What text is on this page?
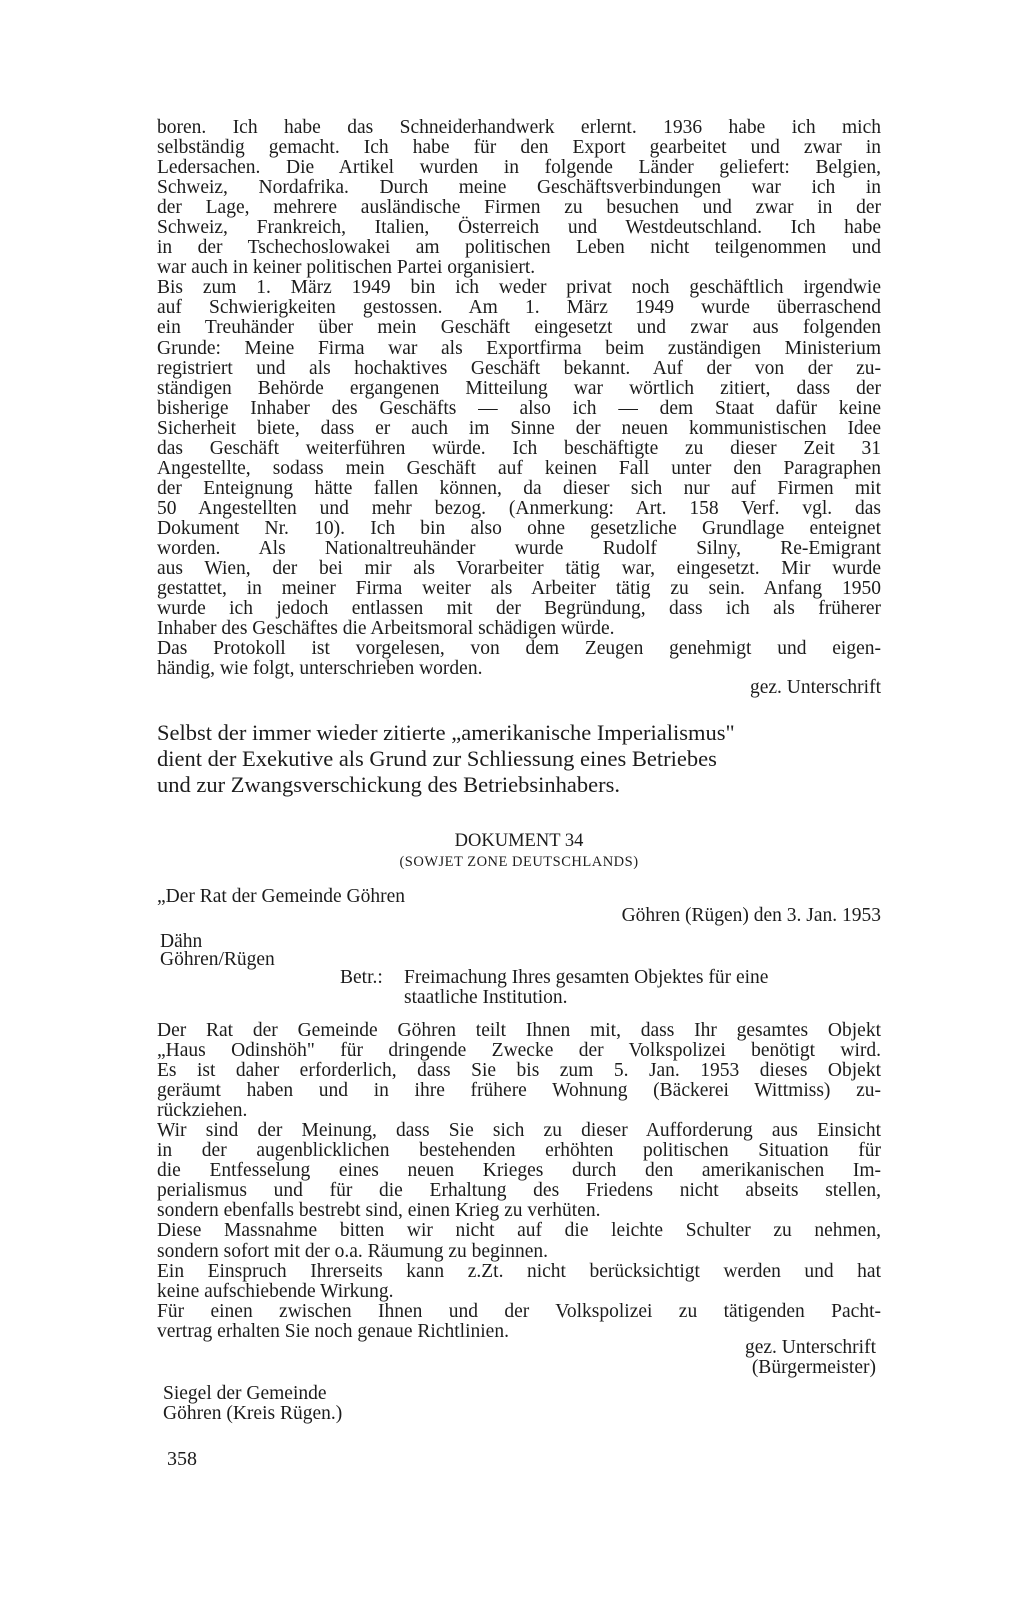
boren. Ich habe das Schneiderhandwerk erlernt. 1936 habe ich mich
selbständig gemacht. Ich habe für den Export gearbeitet und zwar in
Ledersachen. Die Artikel wurden in folgende Länder geliefert: Belgien,
Schweiz, Nordafrika. Durch meine Geschäftsverbindungen war ich in
der Lage, mehrere ausländische Firmen zu besuchen und zwar in der
Schweiz, Frankreich, Italien, Österreich und Westdeutschland. Ich habe
in der Tschechoslowakei am politischen Leben nicht teilgenommen und
war auch in keiner politischen Partei organisiert.
Bis zum 1. März 1949 bin ich weder privat noch geschäftlich irgendwie
auf Schwierigkeiten gestossen. Am 1. März 1949 wurde überraschend
ein Treuhänder über mein Geschäft eingesetzt und zwar aus folgenden
Grunde: Meine Firma war als Exportfirma beim zuständigen Ministerium
registriert und als hochaktives Geschäft bekannt. Auf der von der zu-
ständigen Behörde ergangenen Mitteilung war wörtlich zitiert, dass der
bisherige Inhaber des Geschäfts — also ich — dem Staat dafür keine
Sicherheit biete, dass er auch im Sinne der neuen kommunistischen Idee
das Geschäft weiterführen würde. Ich beschäftigte zu dieser Zeit 31
Angestellte, sodass mein Geschäft auf keinen Fall unter den Paragraphen
der Enteignung hätte fallen können, da dieser sich nur auf Firmen mit
50 Angestellten und mehr bezog. (Anmerkung: Art. 158 Verf. vgl. das
Dokument Nr. 10). Ich bin also ohne gesetzliche Grundlage enteignet
worden. Als Nationaltreuhänder wurde Rudolf Silny, Re-Emigrant
aus Wien, der bei mir als Vorarbeiter tätig war, eingesetzt. Mir wurde
gestattet, in meiner Firma weiter als Arbeiter tätig zu sein. Anfang 1950
wurde ich jedoch entlassen mit der Begründung, dass ich als früherer
Inhaber des Geschäftes die Arbeitsmoral schädigen würde.
Das Protokoll ist vorgelesen, von dem Zeugen genehmigt und eigen-
händig, wie folgt, unterschrieben worden.
gez. Unterschrift
Selbst der immer wieder zitierte „amerikanische Imperialismus"
dient der Exekutive als Grund zur Schliessung eines Betriebes
und zur Zwangsverschickung des Betriebsinhabers.
DOKUMENT 34
(SOWJET ZONE DEUTSCHLANDS)
„Der Rat der Gemeinde Göhren
Göhren (Rügen) den 3. Jan. 1953
Dähn
Göhren/Rügen
Betr.: Freimachung Ihres gesamten Objektes für eine
staatliche Institution.
Der Rat der Gemeinde Göhren teilt Ihnen mit, dass Ihr gesamtes Objekt
„Haus Odinshöh" für dringende Zwecke der Volkspolizei benötigt wird.
Es ist daher erforderlich, dass Sie bis zum 5. Jan. 1953 dieses Objekt
geräumt haben und in ihre frühere Wohnung (Bäckerei Wittmiss) zu-
rückziehen.
Wir sind der Meinung, dass Sie sich zu dieser Aufforderung aus Einsicht
in der augenblicklichen bestehenden erhöhten politischen Situation für
die Entfesselung eines neuen Krieges durch den amerikanischen Im-
perialismus und für die Erhaltung des Friedens nicht abseits stellen,
sondern ebenfalls bestrebt sind, einen Krieg zu verhüten.
Diese Massnahme bitten wir nicht auf die leichte Schulter zu nehmen,
sondern sofort mit der o.a. Räumung zu beginnen.
Ein Einspruch Ihrerseits kann z.Zt. nicht berücksichtigt werden und hat
keine aufschiebende Wirkung.
Für einen zwischen Ihnen und der Volkspolizei zu tätigenden Pacht-
vertrag erhalten Sie noch genaue Richtlinien.
gez. Unterschrift
(Bürgermeister)
Siegel der Gemeinde
Göhren (Kreis Rügen.)
358
